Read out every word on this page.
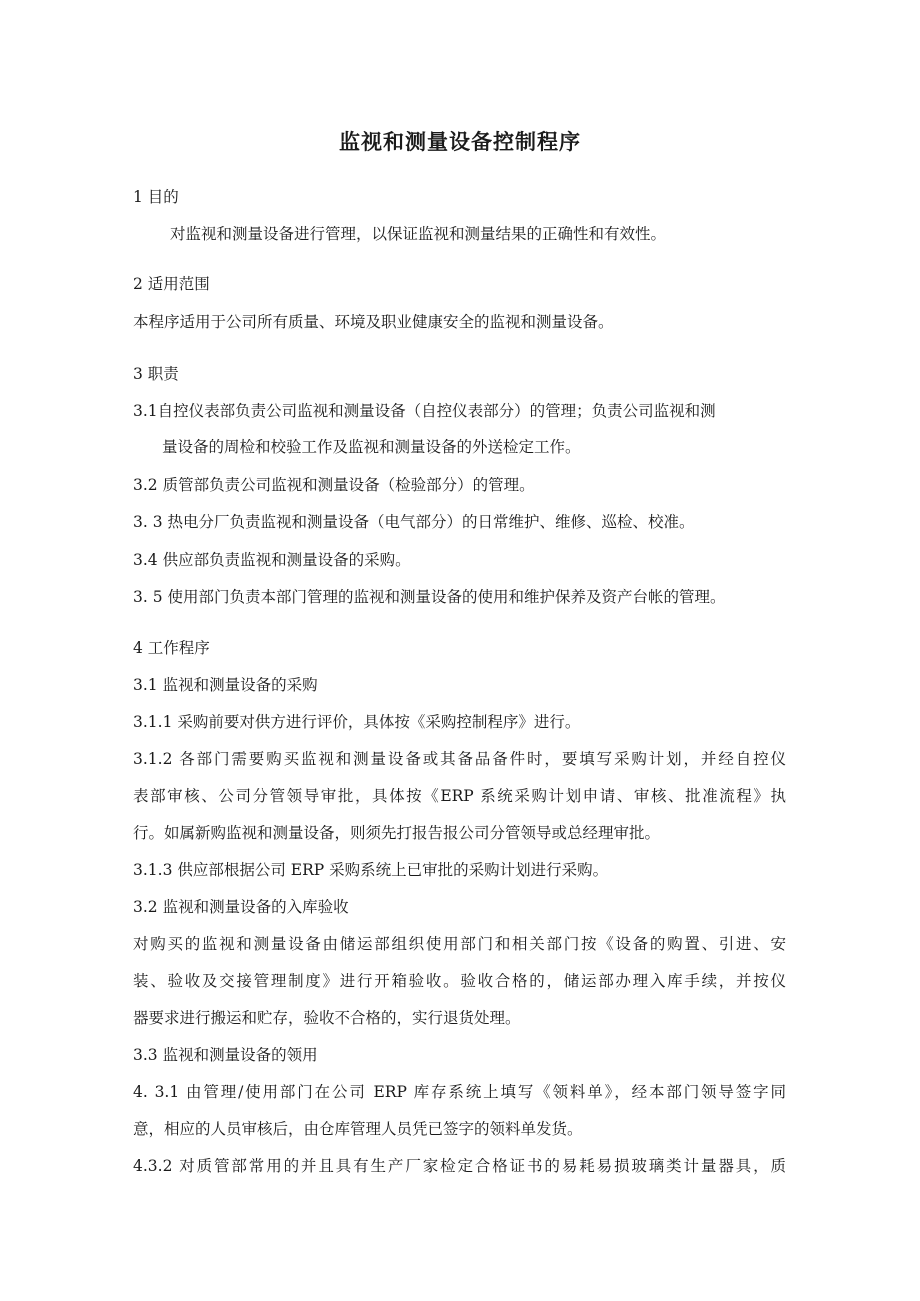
监视和测量设备控制程序
1 目的
对监视和测量设备进行管理，以保证监视和测量结果的正确性和有效性。
2 适用范围
本程序适用于公司所有质量、环境及职业健康安全的监视和测量设备。
3 职责
3.1自控仪表部负责公司监视和测量设备（自控仪表部分）的管理；负责公司监视和测
量设备的周检和校验工作及监视和测量设备的外送检定工作。
3.2 质管部负责公司监视和测量设备（检验部分）的管理。
3. 3 热电分厂负责监视和测量设备（电气部分）的日常维护、维修、巡检、校准。
3.4 供应部负责监视和测量设备的采购。
3. 5 使用部门负责本部门管理的监视和测量设备的使用和维护保养及资产台帐的管理。
4 工作程序
3.1 监视和测量设备的采购
3.1.1 采购前要对供方进行评价，具体按《采购控制程序》进行。
3.1.2 各部门需要购买监视和测量设备或其备品备件时，要填写采购计划，并经自控仪
表部审核、公司分管领导审批，具体按《ERP 系统采购计划申请、审核、批准流程》执
行。如属新购监视和测量设备，则须先打报告报公司分管领导或总经理审批。
3.1.3 供应部根据公司 ERP 采购系统上已审批的采购计划进行采购。
3.2 监视和测量设备的入库验收
对购买的监视和测量设备由储运部组织使用部门和相关部门按《设备的购置、引进、安
装、验收及交接管理制度》进行开箱验收。验收合格的，储运部办理入库手续，并按仪
器要求进行搬运和贮存，验收不合格的，实行退货处理。
3.3 监视和测量设备的领用
4. 3.1 由管理/使用部门在公司 ERP 库存系统上填写《领料单》，经本部门领导签字同
意，相应的人员审核后，由仓库管理人员凭已签字的领料单发货。
4.3.2 对质管部常用的并且具有生产厂家检定合格证书的易耗易损玻璃类计量器具，质
